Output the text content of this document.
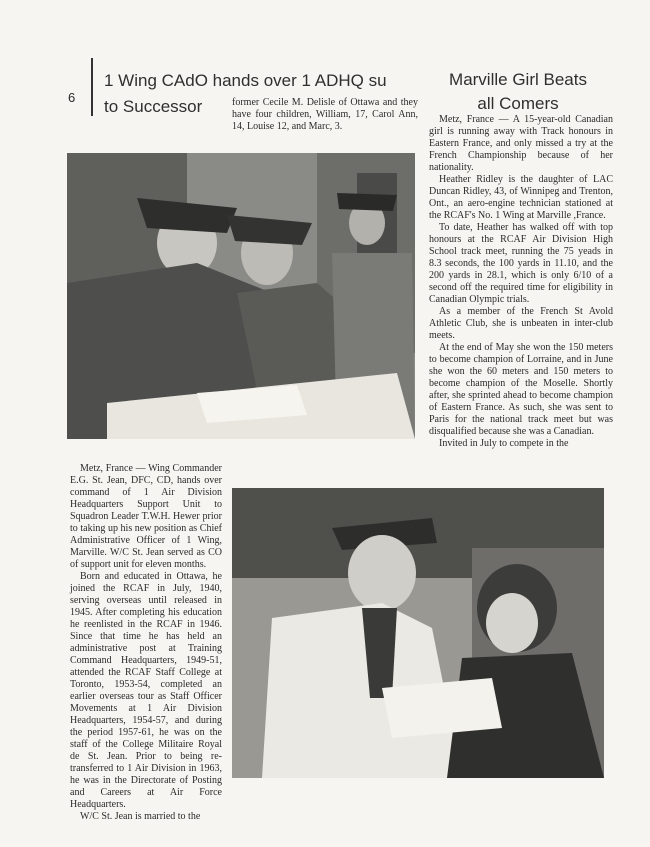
6
1 Wing CAdO hands over 1 ADHQ su
to Successor
Marville Girl Beats
all Comers

former Cecile M. Delisle of Ottawa and they have four children, William, 17, Carol Ann, 14, Louise 12, and Marc, 3.

Metz, France — Wing Commander E.G. St. Jean, DFC, CD, hands over command of 1 Air Division Headquarters Support Unit to Squadron Leader T.W.H. Hewer prior to taking up his new position as Chief Administrative Officer of 1 Wing, Marville. W/C St. Jean served as CO of support unit for eleven months.

Born and educated in Ottawa, he joined the RCAF in July, 1940, serving overseas until released in 1945. After completing his education he reenlisted in the RCAF in 1946. Since that time he has held an administrative post at Training Command Headquarters, 1949-51, attended the RCAF Staff College at Toronto, 1953-54, completed an earlier overseas tour as Staff Officer Movements at 1 Air Division Headquarters, 1954-57, and during the period 1957-61, he was on the staff of the College Militaire Royal de St. Jean. Prior to being re-transferred to 1 Air Division in 1963, he was in the Directorate of Posting and Careers at Air Force Headquarters.

W/C St. Jean is married to the

Metz, France — A 15-year-old Canadian girl is running away with Track honours in Eastern France, and only missed a try at the French Championship because of her nationality.

Heather Ridley is the daughter of LAC Duncan Ridley, 43, of Winnipeg and Trenton, Ont., an aero-engine technician stationed at the RCAF's No. 1 Wing at Marville ,France.

To date, Heather has walked off with top honours at the RCAF Air Division High School track meet, running the 75 yeads in 8.3 seconds, the 100 yards in 11.10, and the 200 yards in 28.1, which is only 6/10 of a second off the required time for eligibility in Canadian Olympic trials.

As a member of the French St Avold Athletic Club, she is unbeaten in inter-club meets.

At the end of May she won the 150 meters to become champion of Lorraine, and in June she won the 60 meters and 150 meters to become champion of the Moselle. Shortly after, she sprinted ahead to become champion of Eastern France. As such, she was sent to Paris for the national track meet but was disqualified because she was a Canadian.

Invited in July to compete in the
